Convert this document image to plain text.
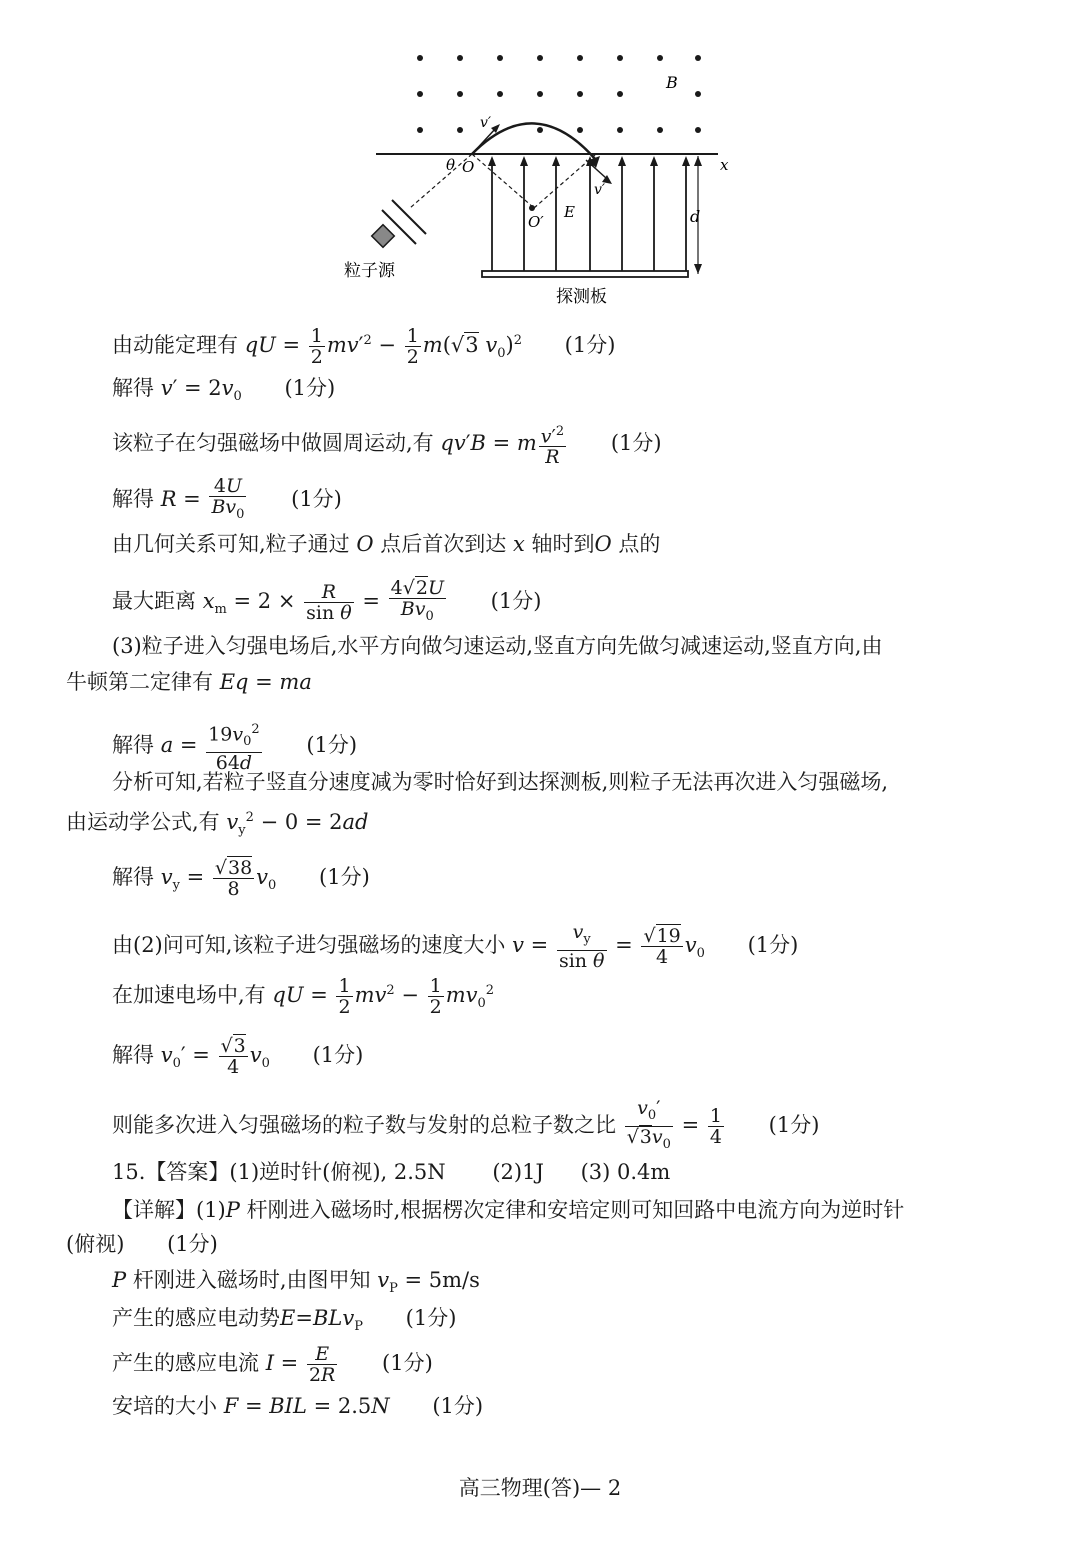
B
x
v′
v′
θ O
O′
E	d
粒子源
探测板
由动能定理有 qU = $\frac{1}{2} mv'^2 - \frac{1}{2} m(√3$ $v_0)^2$ (1分)
解得 $v' = 2v_0$ (1分)
该粒子在匀强磁场中做圆周运动,有 qv′B = m $\frac{v'^2}{R} (1$分)
解得 $R = \frac{4U}{Bv_0} (1$分)
由几何关系可知,粒子通过 O 点后首次到达 x 轴时到O 点的
最大距离 $x_m = 2 \times \frac{R}{\text{sin θ}} = \frac{4√2U}{Bv_0} (1$分)
(3)粒子进入匀强电场后,水平方向做匀速运动,竖直方向先做匀减速运动,竖直方向,由
牛顿第二定律有 Eq = ma
解得 $a = \frac{19v_0^2}{64d} (1$分)
分析可知,若粒子竖直分速度减为零时恰好到达探测板,则粒子无法再次进入匀强磁场,
由运动学公式,有 $v_y^2 - 0 = 2ad$
解得 $v_y = \frac{√38}{8} v_0$ (1分)
由(2)问可知,该粒子进匀强磁场的速度大小 $v = \frac{v_y}{\text{sin θ}} = \frac{√19}{4} v_0$ (1分)
在加速电场中,有 qU = $\frac{1}{2} mv^2 - \frac{1}{2} mv_0^2$
解得 $v_0' = \frac{√3}{4} v_0$ (1分)
则能多次进入匀强磁场的粒子数与发射的总粒子数之比 $\frac{v_0'}{√3v_0} = \frac{1}{4} (1$分)
15.【答案】(1)逆时针(俯视), 2.5N (2)1J (3) 0.4m
【详解】(1)P 杆刚进入磁场时,根据楞次定律和安培定则可知回路中电流方向为逆时针
(俯视) (1分)
P 杆刚进入磁场时,由图甲知 $v_P = 5m/s$
产生的感应电动势E=BLv$_P$ (1分)
产生的感应电流 $I = \frac{E}{2R} (1$分)
安培的大小 F = BIL = 2.5N (1分)
高三物理(答)— 2
